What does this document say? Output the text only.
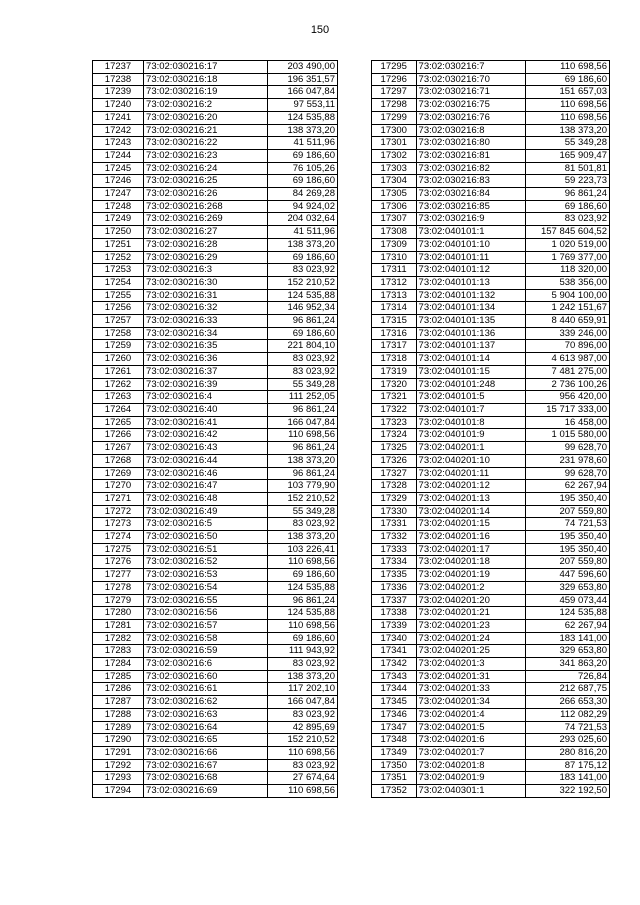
150
17237	73:02:030216:17	203 490,00
17238	73:02:030216:18	196 351,57
17239	73:02:030216:19	166 047,84
17240	73:02:030216:2	97 553,11
17241	73:02:030216:20	124 535,88
17242	73:02:030216:21	138 373,20
17243	73:02:030216:22	41 511,96
17244	73:02:030216:23	69 186,60
17245	73:02:030216:24	76 105,26
17246	73:02:030216:25	69 186,60
17247	73:02:030216:26	84 269,28
17248	73:02:030216:268	94 924,02
17249	73:02:030216:269	204 032,64
17250	73:02:030216:27	41 511,96
17251	73:02:030216:28	138 373,20
17252	73:02:030216:29	69 186,60
17253	73:02:030216:3	83 023,92
17254	73:02:030216:30	152 210,52
17255	73:02:030216:31	124 535,88
17256	73:02:030216:32	146 952,34
17257	73:02:030216:33	96 861,24
17258	73:02:030216:34	69 186,60
17259	73:02:030216:35	221 804,10
17260	73:02:030216:36	83 023,92
17261	73:02:030216:37	83 023,92
17262	73:02:030216:39	55 349,28
17263	73:02:030216:4	111 252,05
17264	73:02:030216:40	96 861,24
17265	73:02:030216:41	166 047,84
17266	73:02:030216:42	110 698,56
17267	73:02:030216:43	96 861,24
17268	73:02:030216:44	138 373,20
17269	73:02:030216:46	96 861,24
17270	73:02:030216:47	103 779,90
17271	73:02:030216:48	152 210,52
17272	73:02:030216:49	55 349,28
17273	73:02:030216:5	83 023,92
17274	73:02:030216:50	138 373,20
17275	73:02:030216:51	103 226,41
17276	73:02:030216:52	110 698,56
17277	73:02:030216:53	69 186,60
17278	73:02:030216:54	124 535,88
17279	73:02:030216:55	96 861,24
17280	73:02:030216:56	124 535,88
17281	73:02:030216:57	110 698,56
17282	73:02:030216:58	69 186,60
17283	73:02:030216:59	111 943,92
17284	73:02:030216:6	83 023,92
17285	73:02:030216:60	138 373,20
17286	73:02:030216:61	117 202,10
17287	73:02:030216:62	166 047,84
17288	73:02:030216:63	83 023,92
17289	73:02:030216:64	42 895,69
17290	73:02:030216:65	152 210,52
17291	73:02:030216:66	110 698,56
17292	73:02:030216:67	83 023,92
17293	73:02:030216:68	27 674,64
17294	73:02:030216:69	110 698,56
17295	73:02:030216:7	110 698,56
17296	73:02:030216:70	69 186,60
17297	73:02:030216:71	151 657,03
17298	73:02:030216:75	110 698,56
17299	73:02:030216:76	110 698,56
17300	73:02:030216:8	138 373,20
17301	73:02:030216:80	55 349,28
17302	73:02:030216:81	165 909,47
17303	73:02:030216:82	81 501,81
17304	73:02:030216:83	59 223,73
17305	73:02:030216:84	96 861,24
17306	73:02:030216:85	69 186,60
17307	73:02:030216:9	83 023,92
17308	73:02:040101:1	157 845 604,52
17309	73:02:040101:10	1 020 519,00
17310	73:02:040101:11	1 769 377,00
17311	73:02:040101:12	118 320,00
17312	73:02:040101:13	538 356,00
17313	73:02:040101:132	5 904 100,00
17314	73:02:040101:134	1 242 151,67
17315	73:02:040101:135	8 440 659,91
17316	73:02:040101:136	339 246,00
17317	73:02:040101:137	70 896,00
17318	73:02:040101:14	4 613 987,00
17319	73:02:040101:15	7 481 275,00
17320	73:02:040101:248	2 736 100,26
17321	73:02:040101:5	956 420,00
17322	73:02:040101:7	15 717 333,00
17323	73:02:040101:8	16 458,00
17324	73:02:040101:9	1 015 580,00
17325	73:02:040201:1	99 628,70
17326	73:02:040201:10	231 978,60
17327	73:02:040201:11	99 628,70
17328	73:02:040201:12	62 267,94
17329	73:02:040201:13	195 350,40
17330	73:02:040201:14	207 559,80
17331	73:02:040201:15	74 721,53
17332	73:02:040201:16	195 350,40
17333	73:02:040201:17	195 350,40
17334	73:02:040201:18	207 559,80
17335	73:02:040201:19	447 596,60
17336	73:02:040201:2	329 653,80
17337	73:02:040201:20	459 073,44
17338	73:02:040201:21	124 535,88
17339	73:02:040201:23	62 267,94
17340	73:02:040201:24	183 141,00
17341	73:02:040201:25	329 653,80
17342	73:02:040201:3	341 863,20
17343	73:02:040201:31	726,84
17344	73:02:040201:33	212 687,75
17345	73:02:040201:34	266 653,30
17346	73:02:040201:4	112 082,29
17347	73:02:040201:5	74 721,53
17348	73:02:040201:6	293 025,60
17349	73:02:040201:7	280 816,20
17350	73:02:040201:8	87 175,12
17351	73:02:040201:9	183 141,00
17352	73:02:040301:1	322 192,50
